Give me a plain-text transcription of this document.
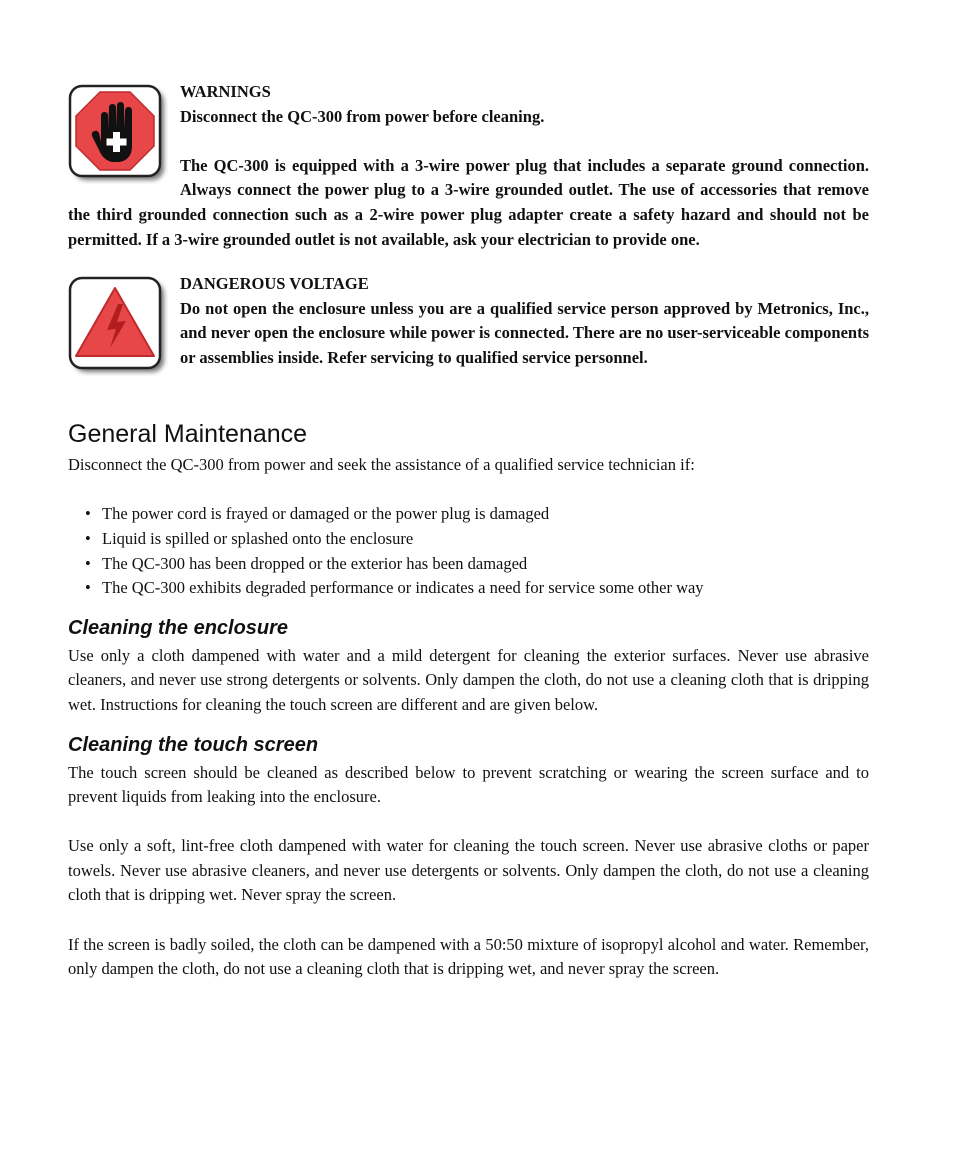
WARNINGS
Disconnect the QC-300 from power before cleaning.
The QC-300 is equipped with a 3-wire power plug that includes a separate ground connection. Always connect the power plug to a 3-wire grounded outlet. The use of accessories that remove the third grounded connection such as a 2-wire power plug adapter create a safety hazard and should not be permitted. If a 3-wire grounded outlet is not available, ask your electrician to provide one.
DANGEROUS VOLTAGE
Do not open the enclosure unless you are a qualified service person approved by Metronics, Inc., and never open the enclosure while power is connected. There are no user-serviceable components or assemblies inside. Refer servicing to qualified service personnel.
General Maintenance

Disconnect the QC-300 from power and seek the assistance of a qualified service technician if:

• The power cord is frayed or damaged or the power plug is damaged
• Liquid is spilled or splashed onto the enclosure
• The QC-300 has been dropped or the exterior has been damaged
• The QC-300 exhibits degraded performance or indicates a need for service some other way
Cleaning the enclosure

Use only a cloth dampened with water and a mild detergent for cleaning the exterior surfaces. Never use abrasive cleaners, and never use strong detergents or solvents. Only dampen the cloth, do not use a cleaning cloth that is dripping wet. Instructions for cleaning the touch screen are different and are given below.

Cleaning the touch screen

The touch screen should be cleaned as described below to prevent scratching or wearing the screen surface and to prevent liquids from leaking into the enclosure.

Use only a soft, lint-free cloth dampened with water for cleaning the touch screen. Never use abrasive cloths or paper towels. Never use abrasive cleaners, and never use detergents or solvents. Only dampen the cloth, do not use a cleaning cloth that is dripping wet. Never spray the screen.

If the screen is badly soiled, the cloth can be dampened with a 50:50 mixture of isopropyl alcohol and water. Remember, only dampen the cloth, do not use a cleaning cloth that is dripping wet, and never spray the screen.
